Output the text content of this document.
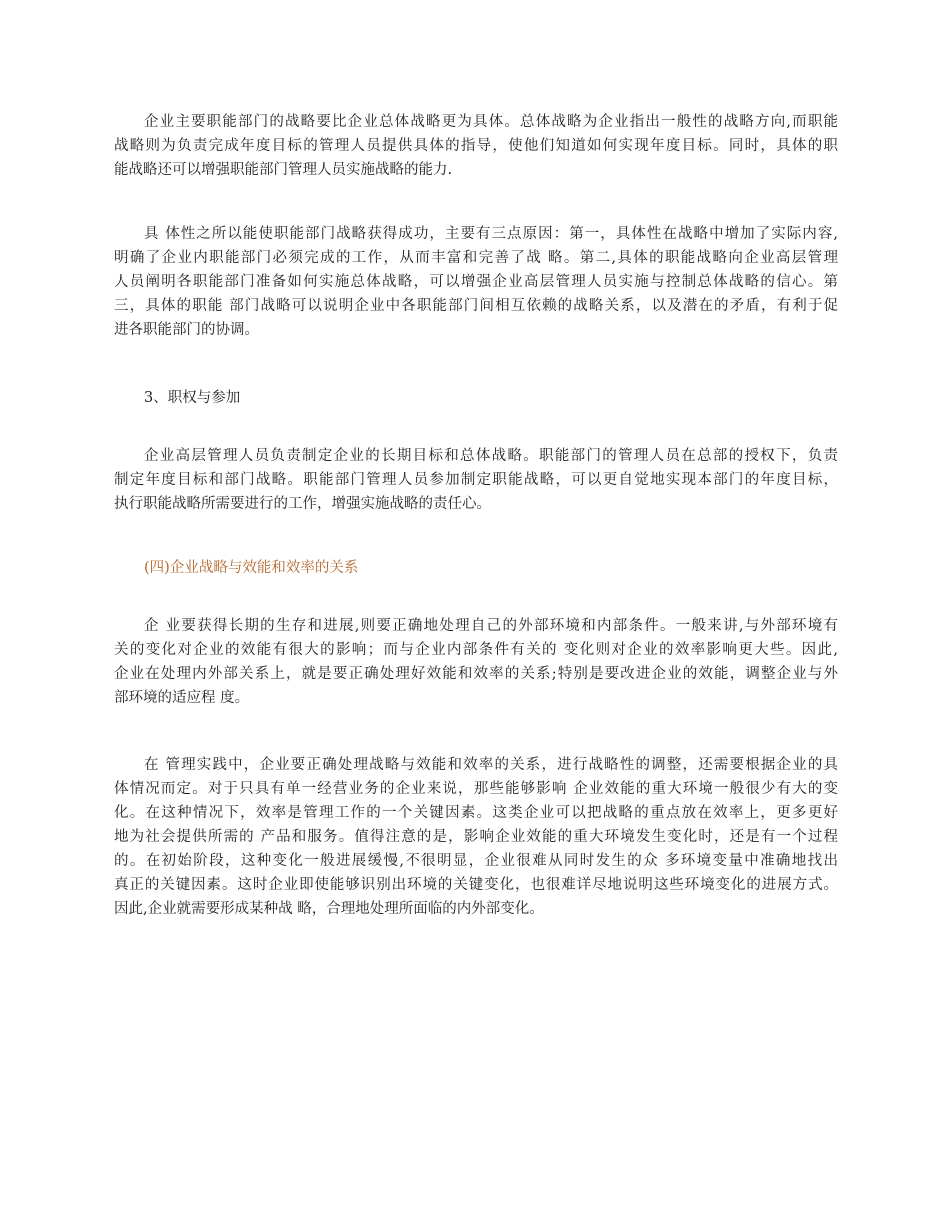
企业主要职能部门的战略要比企业总体战略更为具体。总体战略为企业指出一般性的战略方向,而职能
战略则为负责完成年度目标的管理人员提供具体的指导，使他们知道如何实现年度目标。同时，具体的职
能战略还可以增强职能部门管理人员实施战略的能力.
具 体性之所以能使职能部门战略获得成功，主要有三点原因：第一，具体性在战略中增加了实际内容,
明确了企业内职能部门必须完成的工作，从而丰富和完善了战 略。第二,具体的职能战略向企业高层管理
人员阐明各职能部门准备如何实施总体战略，可以增强企业高层管理人员实施与控制总体战略的信心。第
三，具体的职能 部门战略可以说明企业中各职能部门间相互依赖的战略关系，以及潜在的矛盾，有利于促
进各职能部门的协调。

3、职权与参加

企业高层管理人员负责制定企业的长期目标和总体战略。职能部门的管理人员在总部的授权下，负责
制定年度目标和部门战略。职能部门管理人员参加制定职能战略，可以更自觉地实现本部门的年度目标，
执行职能战略所需要进行的工作，增强实施战略的责任心。

(四)企业战略与效能和效率的关系

企 业要获得长期的生存和进展,则要正确地处理自己的外部环境和内部条件。一般来讲,与外部环境有
关的变化对企业的效能有很大的影响；而与企业内部条件有关的 变化则对企业的效率影响更大些。因此,
企业在处理内外部关系上，就是要正确处理好效能和效率的关系;特别是要改进企业的效能，调整企业与外
部环境的适应程 度。
在 管理实践中，企业要正确处理战略与效能和效率的关系，进行战略性的调整，还需要根据企业的具
体情况而定。对于只具有单一经营业务的企业来说，那些能够影响 企业效能的重大环境一般很少有大的变
化。在这种情况下，效率是管理工作的一个关键因素。这类企业可以把战略的重点放在效率上，更多更好
地为社会提供所需的 产品和服务。值得注意的是，影响企业效能的重大环境发生变化时，还是有一个过程
的。在初始阶段，这种变化一般进展缓慢,不很明显，企业很难从同时发生的众 多环境变量中准确地找出
真正的关键因素。这时企业即使能够识别出环境的关键变化，也很难详尽地说明这些环境变化的进展方式。
因此,企业就需要形成某种战 略，合理地处理所面临的内外部变化。
